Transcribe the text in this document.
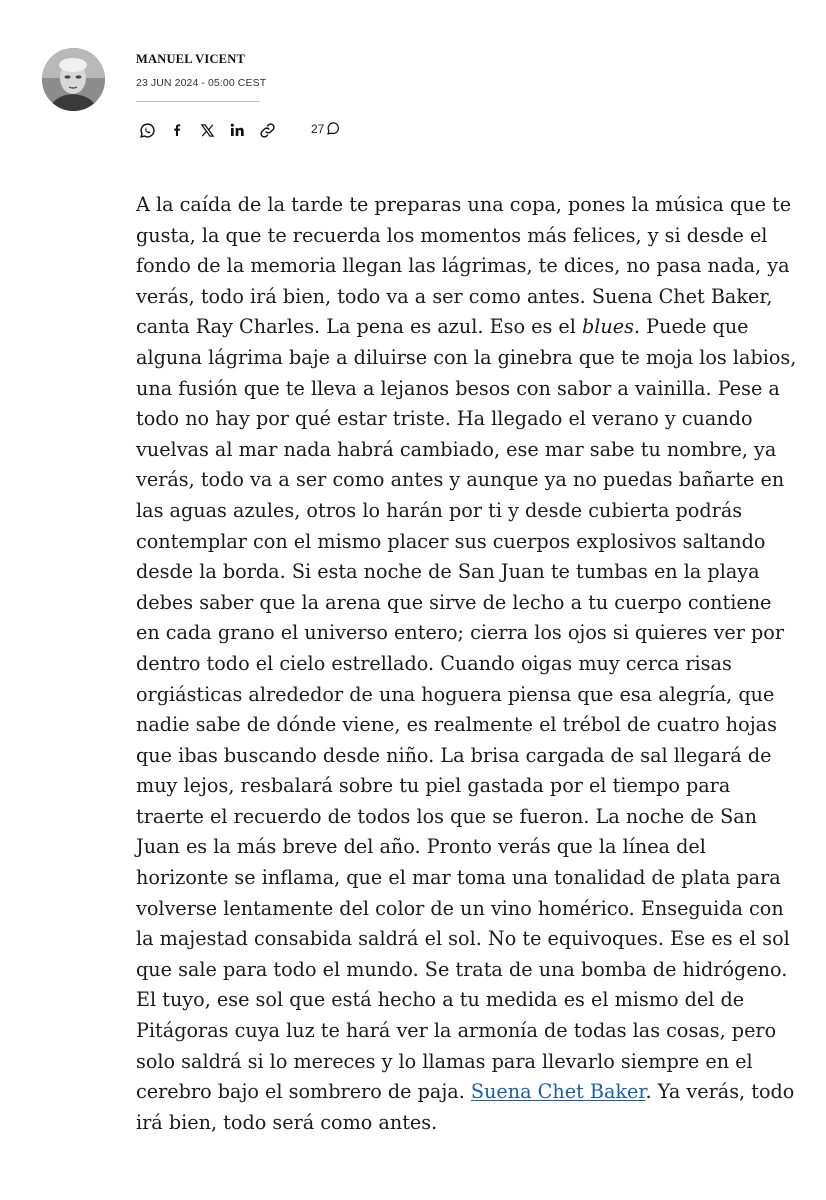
MANUEL VICENT
23 JUN 2024 - 05:00 CEST
27

A la caída de la tarde te preparas una copa, pones la música que te gusta, la que te recuerda los momentos más felices, y si desde el fondo de la memoria llegan las lágrimas, te dices, no pasa nada, ya verás, todo irá bien, todo va a ser como antes. Suena Chet Baker, canta Ray Charles. La pena es azul. Eso es el blues. Puede que alguna lágrima baje a diluirse con la ginebra que te moja los labios, una fusión que te lleva a lejanos besos con sabor a vainilla. Pese a todo no hay por qué estar triste. Ha llegado el verano y cuando vuelvas al mar nada habrá cambiado, ese mar sabe tu nombre, ya verás, todo va a ser como antes y aunque ya no puedas bañarte en las aguas azules, otros lo harán por ti y desde cubierta podrás contemplar con el mismo placer sus cuerpos explosivos saltando desde la borda. Si esta noche de San Juan te tumbas en la playa debes saber que la arena que sirve de lecho a tu cuerpo contiene en cada grano el universo entero; cierra los ojos si quieres ver por dentro todo el cielo estrellado. Cuando oigas muy cerca risas orgiásticas alrededor de una hoguera piensa que esa alegría, que nadie sabe de dónde viene, es realmente el trébol de cuatro hojas que ibas buscando desde niño. La brisa cargada de sal llegará de muy lejos, resbalará sobre tu piel gastada por el tiempo para traerte el recuerdo de todos los que se fueron. La noche de San Juan es la más breve del año. Pronto verás que la línea del horizonte se inflama, que el mar toma una tonalidad de plata para volverse lentamente del color de un vino homérico. Enseguida con la majestad consabida saldrá el sol. No te equivoques. Ese es el sol que sale para todo el mundo. Se trata de una bomba de hidrógeno. El tuyo, ese sol que está hecho a tu medida es el mismo del de Pitágoras cuya luz te hará ver la armonía de todas las cosas, pero solo saldrá si lo mereces y lo llamas para llevarlo siempre en el cerebro bajo el sombrero de paja. Suena Chet Baker. Ya verás, todo irá bien, todo será como antes.
